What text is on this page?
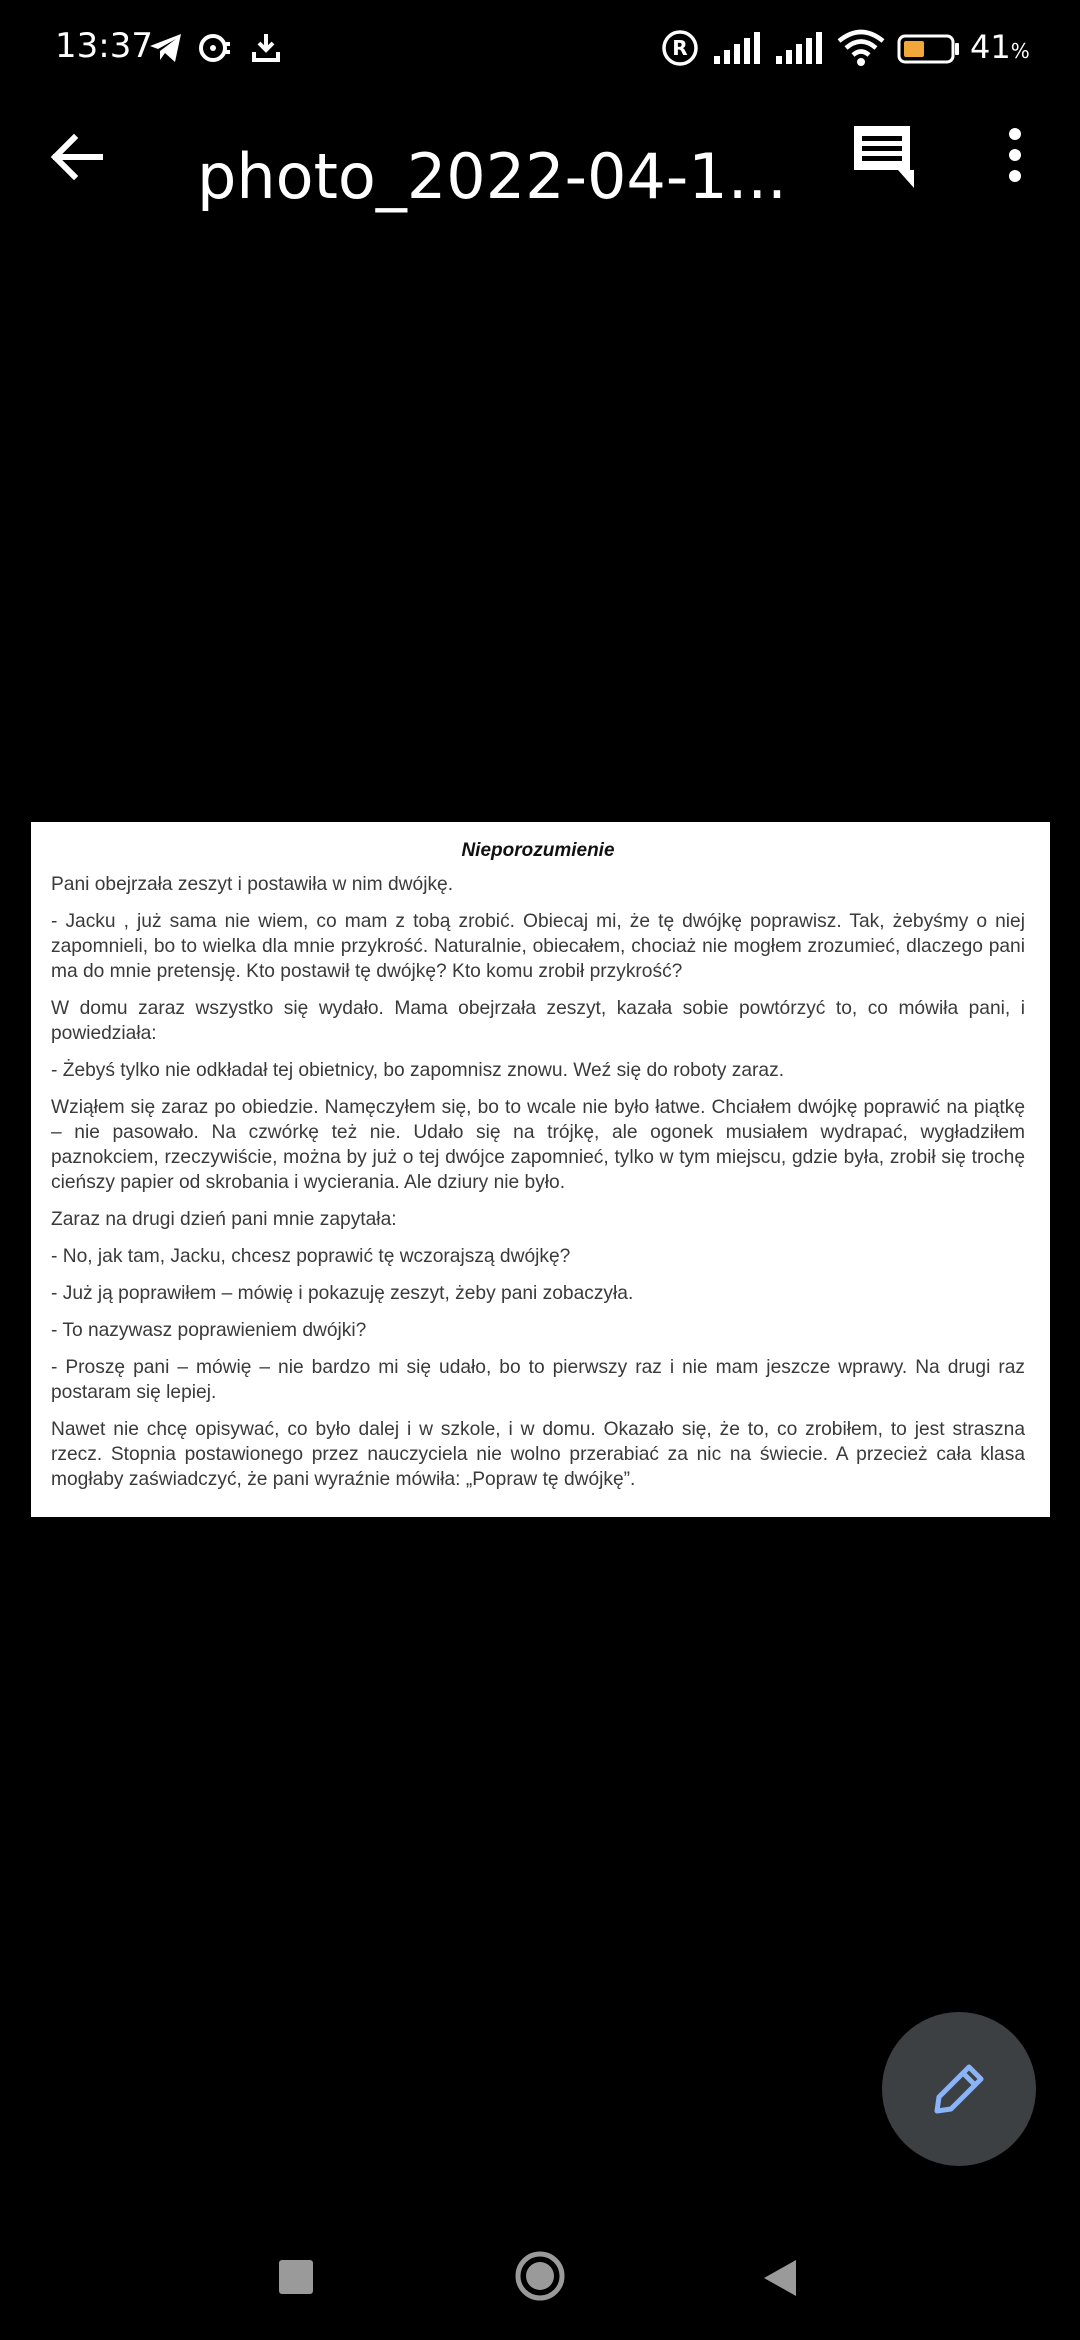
13:37	R	41%
photo_2022-04-1...
Nieporozumienie

Pani obejrzała zeszyt i postawiła w nim dwójkę.

- Jacku , już sama nie wiem, co mam z tobą zrobić. Obiecaj mi, że tę dwójkę poprawisz. Tak, żebyśmy o niej zapomnieli, bo to wielka dla mnie przykrość. Naturalnie, obiecałem, chociaż nie mogłem zrozumieć, dlaczego pani ma do mnie pretensję. Kto postawił tę dwójkę? Kto komu zrobił przykrość?

W domu zaraz wszystko się wydało. Mama obejrzała zeszyt, kazała sobie powtórzyć to, co mówiła pani, i powiedziała:

- Żebyś tylko nie odkładał tej obietnicy, bo zapomnisz znowu. Weź się do roboty zaraz.

Wziąłem się zaraz po obiedzie. Namęczyłem się, bo to wcale nie było łatwe. Chciałem dwójkę poprawić na piątkę – nie pasowało. Na czwórkę też nie. Udało się na trójkę, ale ogonek musiałem wydrapać, wygładziłem paznokciem, rzeczywiście, można by już o tej dwójce zapomnieć, tylko w tym miejscu, gdzie była, zrobił się trochę cieńszy papier od skrobania i wycierania. Ale dziury nie było.

Zaraz na drugi dzień pani mnie zapytała:

- No, jak tam, Jacku, chcesz poprawić tę wczorajszą dwójkę?

- Już ją poprawiłem – mówię i pokazuję zeszyt, żeby pani zobaczyła.

- To nazywasz poprawieniem dwójki?

- Proszę pani – mówię – nie bardzo mi się udało, bo to pierwszy raz i nie mam jeszcze wprawy. Na drugi raz postaram się lepiej.

Nawet nie chcę opisywać, co było dalej i w szkole, i w domu. Okazało się, że to, co zrobiłem, to jest straszna rzecz. Stopnia postawionego przez nauczyciela nie wolno przerabiać za nic na świecie. A przecież cała klasa mogłaby zaświadczyć, że pani wyraźnie mówiła: „Popraw tę dwójkę”.
